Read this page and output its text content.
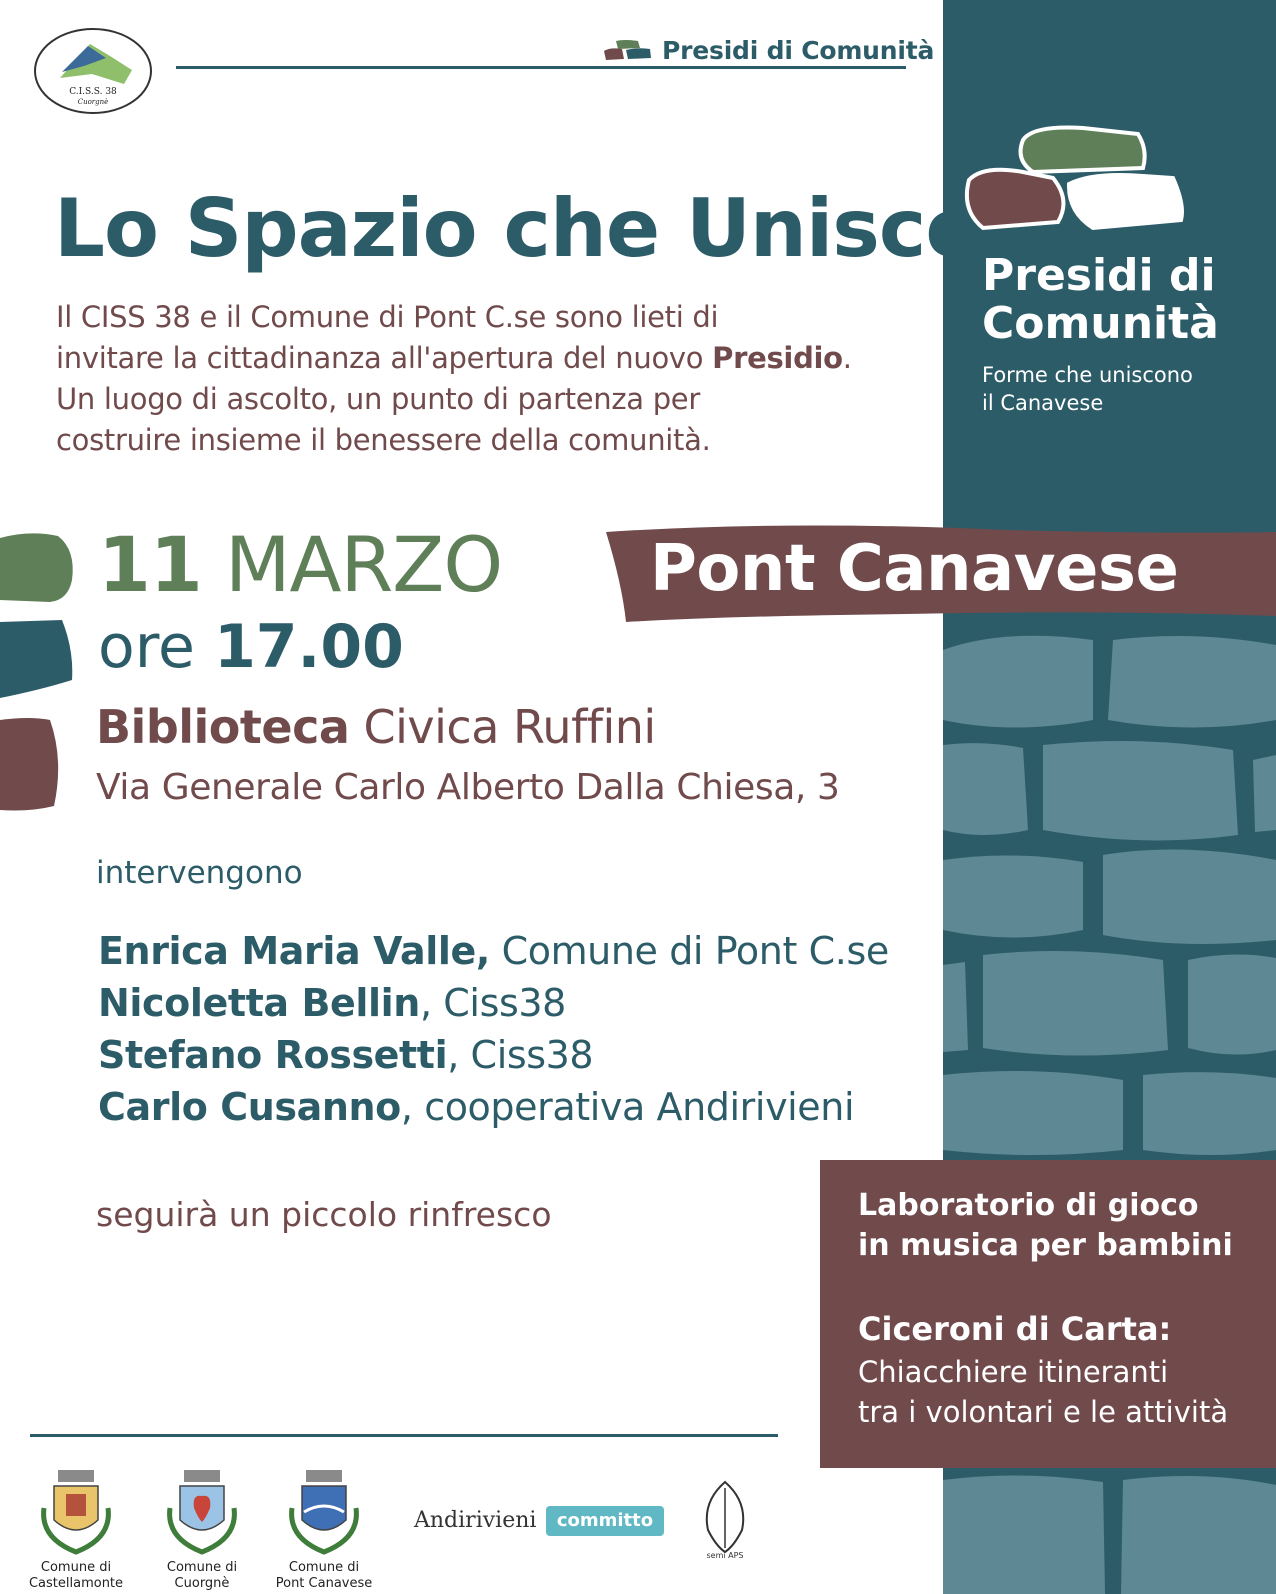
Presidi di
Comunità
Forme che uniscono
il Canavese
C.I.S.S. 38
Cuorgnè
Presidi di Comunità
Lo Spazio che Unisce
Il CISS 38 e il Comune di Pont C.se sono lieti di
invitare la cittadinanza all'apertura del nuovo Presidio.
Un luogo di ascolto, un punto di partenza per
costruire insieme il benessere della comunità.
11 MARZO
ore 17.00
Pont Canavese
Biblioteca Civica Ruffini
Via Generale Carlo Alberto Dalla Chiesa, 3
intervengono
Enrica Maria Valle, Comune di Pont C.se
Nicoletta Bellin, Ciss38
Stefano Rossetti, Ciss38
Carlo Cusanno, cooperativa Andirivieni
seguirà un piccolo rinfresco	Laboratorio di gioco
in musica per bambini
Ciceroni di Carta:
Chiacchiere itineranti
tra i volontari e le attività
Comune di
Castellamonte
Comune di
Cuorgnè
Comune di
Pont Canavese
Andirivieni	committo
semi APS
